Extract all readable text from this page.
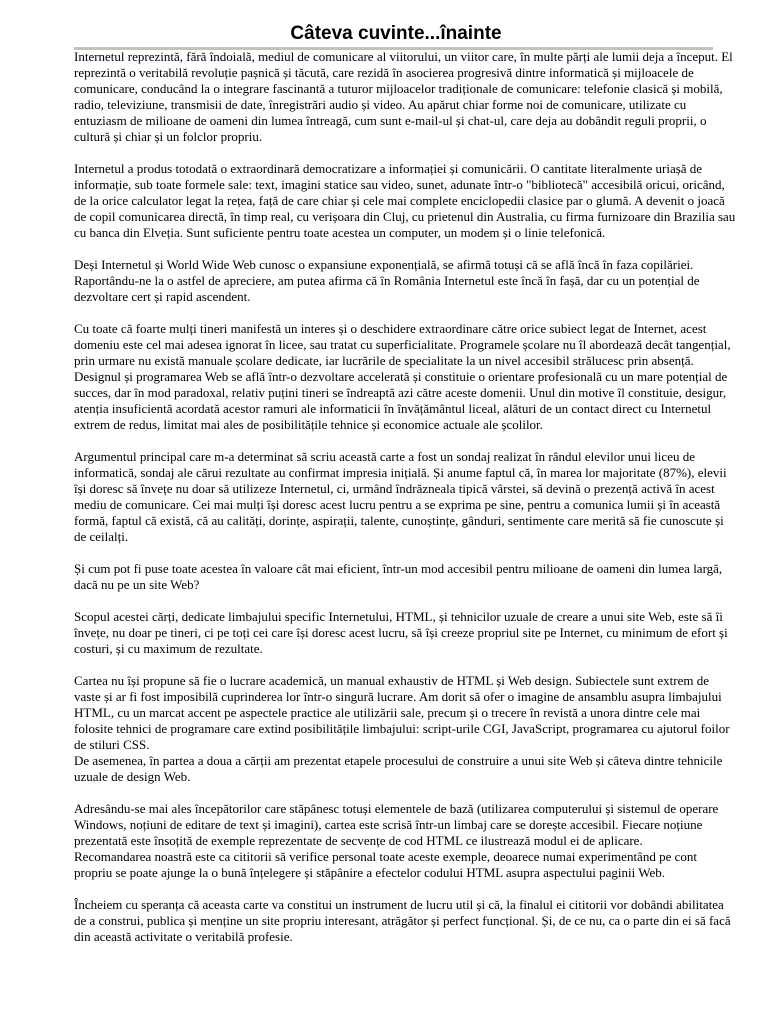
Câteva cuvinte...înainte

Internetul reprezintă, fără îndoială, mediul de comunicare al viitorului, un viitor care, în multe părți ale lumii deja a început. El reprezintă o veritabilă revoluție pașnică și tăcută, care rezidă în asocierea progresivă dintre informatică și mijloacele de comunicare, conducând la o integrare fascinantă a tuturor mijloacelor tradiționale de comunicare: telefonie clasică și mobilă, radio, televiziune, transmisii de date, înregistrări audio și video. Au apărut chiar forme noi de comunicare, utilizate cu entuziasm de milioane de oameni din lumea întreagă, cum sunt e-mail-ul și chat-ul, care deja au dobândit reguli proprii, o cultură și chiar și un folclor propriu.

Internetul a produs totodată o extraordinară democratizare a informației și comunicării. O cantitate literalmente uriașă de informație, sub toate formele sale: text, imagini statice sau video, sunet, adunate într-o "bibliotecă" accesibilă oricui, oricând, de la orice calculator legat la rețea, față de care chiar și cele mai complete enciclopedii clasice par o glumă. A devenit o joacă de copil comunicarea directă, în timp real, cu verișoara din Cluj, cu prietenul din Australia, cu firma furnizoare din Brazilia sau cu banca din Elveția. Sunt suficiente pentru toate acestea un computer, un modem și o linie telefonică.

Deși Internetul și World Wide Web cunosc o expansiune exponențială, se afirmă totuși că se află încă în faza copilăriei. Raportându-ne la o astfel de apreciere, am putea afirma că în România Internetul este încă în fașă, dar cu un potențial de dezvoltare cert și rapid ascendent.

Cu toate că foarte mulți tineri manifestă un interes și o deschidere extraordinare către orice subiect legat de Internet, acest domeniu este cel mai adesea ignorat în licee, sau tratat cu superficialitate. Programele școlare nu îl abordează decât tangențial, prin urmare nu există manuale școlare dedicate, iar lucrările de specialitate la un nivel accesibil strălucesc prin absență. Designul și programarea Web se află într-o dezvoltare accelerată și constituie o orientare profesională cu un mare potențial de succes, dar în mod paradoxal, relativ puțini tineri se îndreaptă azi către aceste domenii. Unul din motive îl constituie, desigur, atenția insuficientă acordată acestor ramuri ale informaticii în învățământul liceal, alături de un contact direct cu Internetul extrem de redus, limitat mai ales de posibilitățile tehnice și economice actuale ale școlilor.

Argumentul principal care m-a determinat să scriu această carte a fost un sondaj realizat în rândul elevilor unui liceu de informatică, sondaj ale cărui rezultate au confirmat impresia inițială. Și anume faptul că, în marea lor majoritate (87%), elevii își doresc să învețe nu doar să utilizeze Internetul, ci, urmând îndrăzneala tipică vârstei, să devină o prezență activă în acest mediu de comunicare. Cei mai mulți își doresc acest lucru pentru a se exprima pe sine, pentru a comunica lumii și în această formă, faptul că există, că au calități, dorințe, aspirații, talente, cunoștințe, gânduri, sentimente care merită să fie cunoscute și de ceilalți.

Și cum pot fi puse toate acestea în valoare cât mai eficient, într-un mod accesibil pentru milioane de oameni din lumea largă, dacă nu pe un site Web?

Scopul acestei cărți, dedicate limbajului specific Internetului, HTML, și tehnicilor uzuale de creare a unui site Web, este să îi învețe, nu doar pe tineri, ci pe toți cei care își doresc acest lucru, să își creeze propriul site pe Internet, cu minimum de efort și costuri, și cu maximum de rezultate.

Cartea nu își propune să fie o lucrare academică, un manual exhaustiv de HTML și Web design. Subiectele sunt extrem de vaste și ar fi fost imposibilă cuprinderea lor într-o singură lucrare. Am dorit să ofer o imagine de ansamblu asupra limbajului HTML, cu un marcat accent pe aspectele practice ale utilizării sale, precum și o trecere în revistă a unora dintre cele mai folosite tehnici de programare care extind posibilitățile limbajului: script-urile CGI, JavaScript, programarea cu ajutorul foilor de stiluri CSS.
De asemenea, în partea a doua a cărții am prezentat etapele procesului de construire a unui site Web și câteva dintre tehnicile uzuale de design Web.

Adresându-se mai ales începătorilor care stăpânesc totuși elementele de bază (utilizarea computerului și sistemul de operare Windows, noțiuni de editare de text și imagini), cartea este scrisă într-un limbaj care se dorește accesibil. Fiecare noțiune prezentată este însoțită de exemple reprezentate de secvențe de cod HTML ce ilustrează modul ei de aplicare.
Recomandarea noastră este ca cititorii să verifice personal toate aceste exemple, deoarece numai experimentând pe cont propriu se poate ajunge la o bună înțelegere și stăpânire a efectelor codului HTML asupra aspectului paginii Web.

Încheiem cu speranța că aceasta carte va constitui un instrument de lucru util și că, la finalul ei cititorii vor dobândi abilitatea de a construi, publica și menține un site propriu interesant, atrăgător și perfect funcțional. Și, de ce nu, ca o parte din ei să facă din această activitate o veritabilă profesie.
